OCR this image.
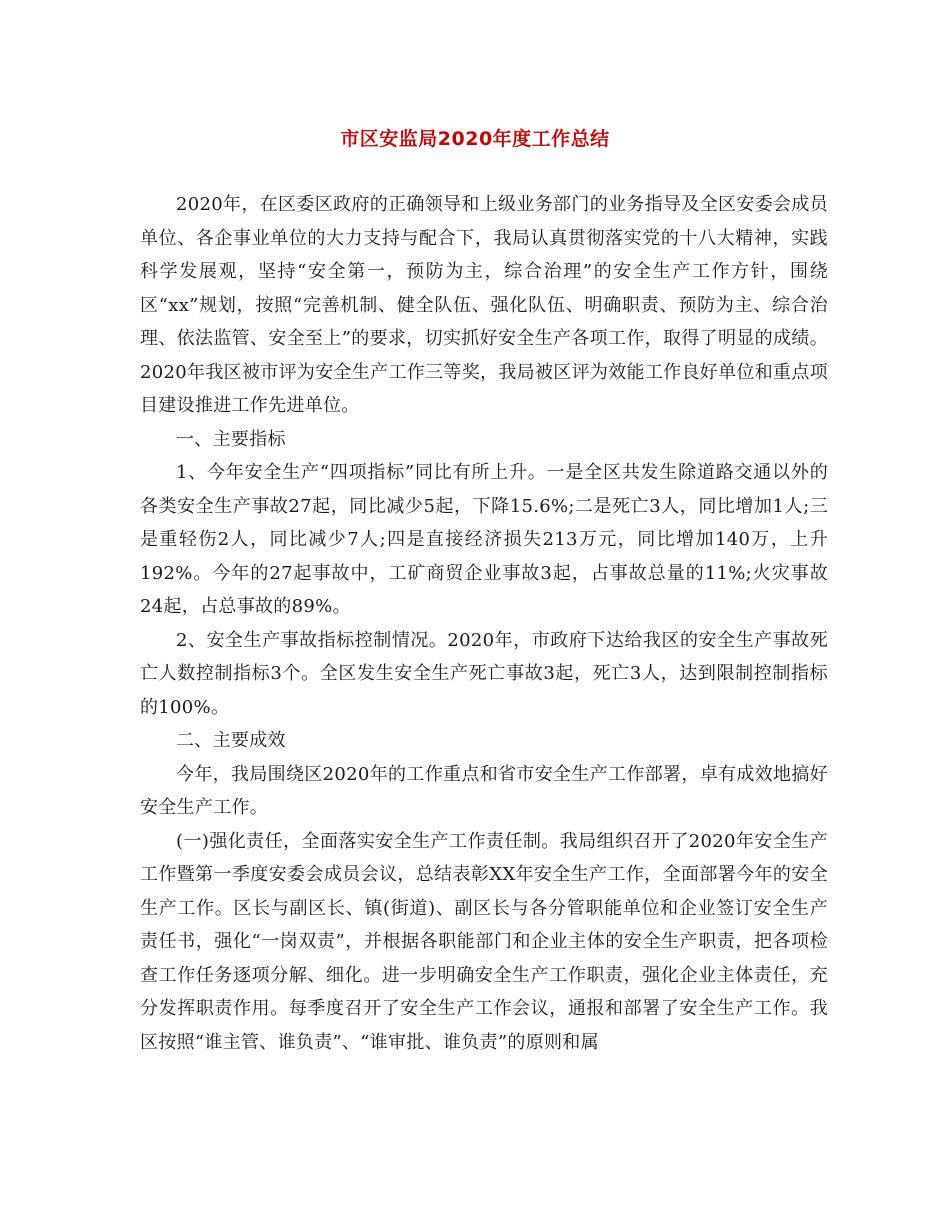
市区安监局2020年度工作总结

2020年，在区委区政府的正确领导和上级业务部门的业务指导及全区安委会成员单位、各企事业单位的大力支持与配合下，我局认真贯彻落实党的十八大精神，实践科学发展观，坚持“安全第一，预防为主，综合治理”的安全生产工作方针，围绕区“xx”规划，按照“完善机制、健全队伍、强化队伍、明确职责、预防为主、综合治理、依法监管、安全至上”的要求，切实抓好安全生产各项工作，取得了明显的成绩。2020年我区被市评为安全生产工作三等奖，我局被区评为效能工作良好单位和重点项目建设推进工作先进单位。

一、主要指标

1、今年安全生产“四项指标”同比有所上升。一是全区共发生除道路交通以外的各类安全生产事故27起，同比减少5起，下降15.6%;二是死亡3人，同比增加1人;三是重轻伤2人，同比减少7人;四是直接经济损失213万元，同比增加140万，上升192%。今年的27起事故中，工矿商贸企业事故3起，占事故总量的11%;火灾事故24起，占总事故的89%。

2、安全生产事故指标控制情况。2020年，市政府下达给我区的安全生产事故死亡人数控制指标3个。全区发生安全生产死亡事故3起，死亡3人，达到限制控制指标的100%。

二、主要成效

今年，我局围绕区2020年的工作重点和省市安全生产工作部署，卓有成效地搞好安全生产工作。

(一)强化责任，全面落实安全生产工作责任制。我局组织召开了2020年安全生产工作暨第一季度安委会成员会议，总结表彰XX年安全生产工作，全面部署今年的安全生产工作。区长与副区长、镇(街道)、副区长与各分管职能单位和企业签订安全生产责任书，强化“一岗双责”，并根据各职能部门和企业主体的安全生产职责，把各项检查工作任务逐项分解、细化。进一步明确安全生产工作职责，强化企业主体责任，充分发挥职责作用。每季度召开了安全生产工作会议，通报和部署了安全生产工作。我区按照“谁主管、谁负责”、“谁审批、谁负责”的原则和属
